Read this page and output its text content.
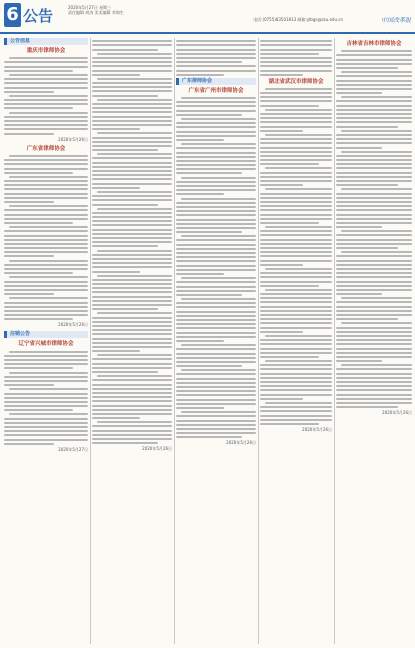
6 公告	2020年5月27日 星期三
责任编辑 胡涛 美术编辑 李海生
电话:(0755)83501813 邮箱:ylbgs@szu.edu.cn	中国改革报
公告信息
重庆市律师协会
2020年5月26日
广东省律师协会
2020年5月26日
注销公告
辽宁省兴城市律师协会
2020年5月27日	2020年5月26日
广东律师协会
广东省广州市律师协会
2020年5月26日
湖北省武汉市律师协会
2020年5月26日
吉林省吉林市律师协会
2020年5月26日
